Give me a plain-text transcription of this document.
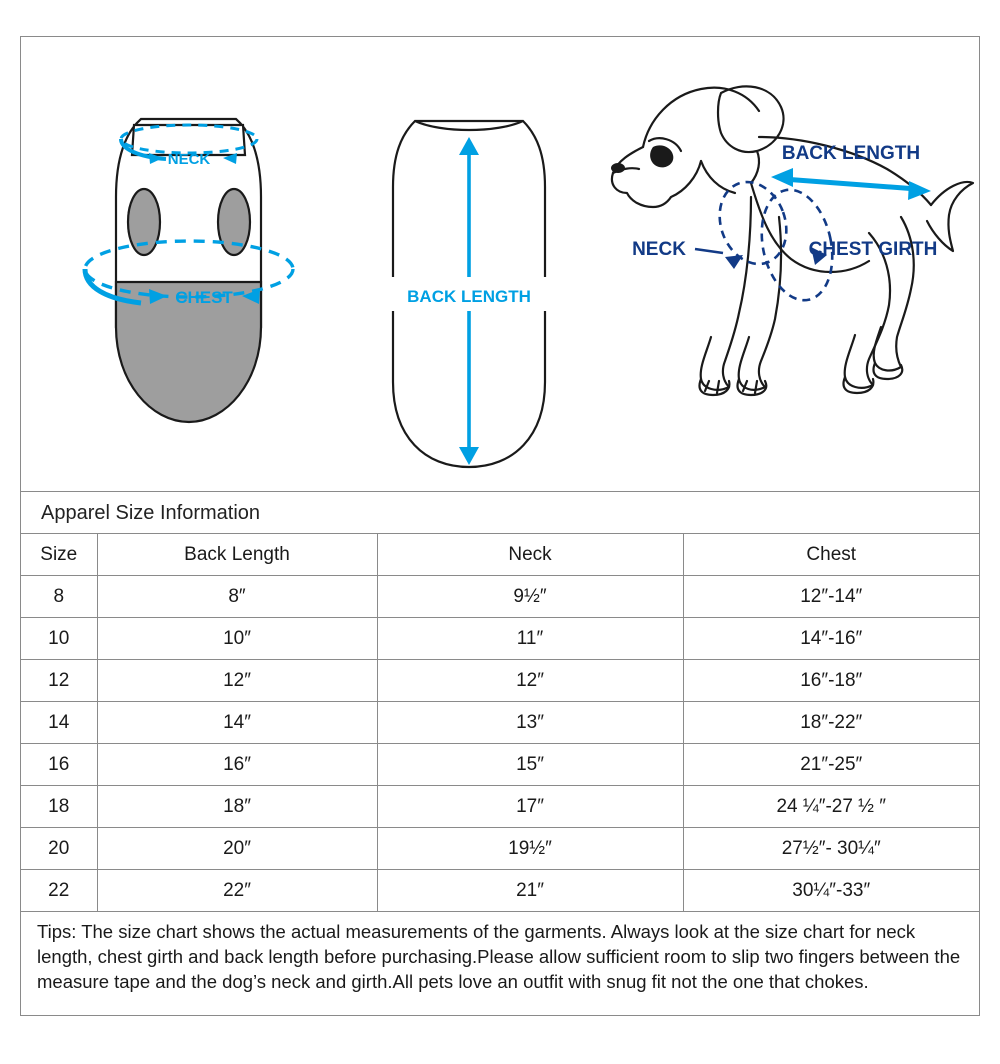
NECK
CHEST	BACK LENGTH
BACK LENGTH
NECK	CHEST GIRTH
Apparel Size Information
Size	Back Length	Neck	Chest
8	8″	9½″	12″-14″
10	10″	11″	14″-16″
12	12″	12″	16″-18″
14	14″	13″	18″-22″
16	16″	15″	21″-25″
18	18″	17″	24 ¼″-27 ½ ″
20	20″	19½″	27½″- 30¼″
22	22″	21″	30¼″-33″
Tips: The size chart shows the actual measurements of the garments. Always look at the size chart for neck length, chest girth and back length before purchasing.Please allow sufficient room to slip two fingers between the measure tape and the dog’s neck and girth.All pets love an outfit with snug fit not the one that chokes.
